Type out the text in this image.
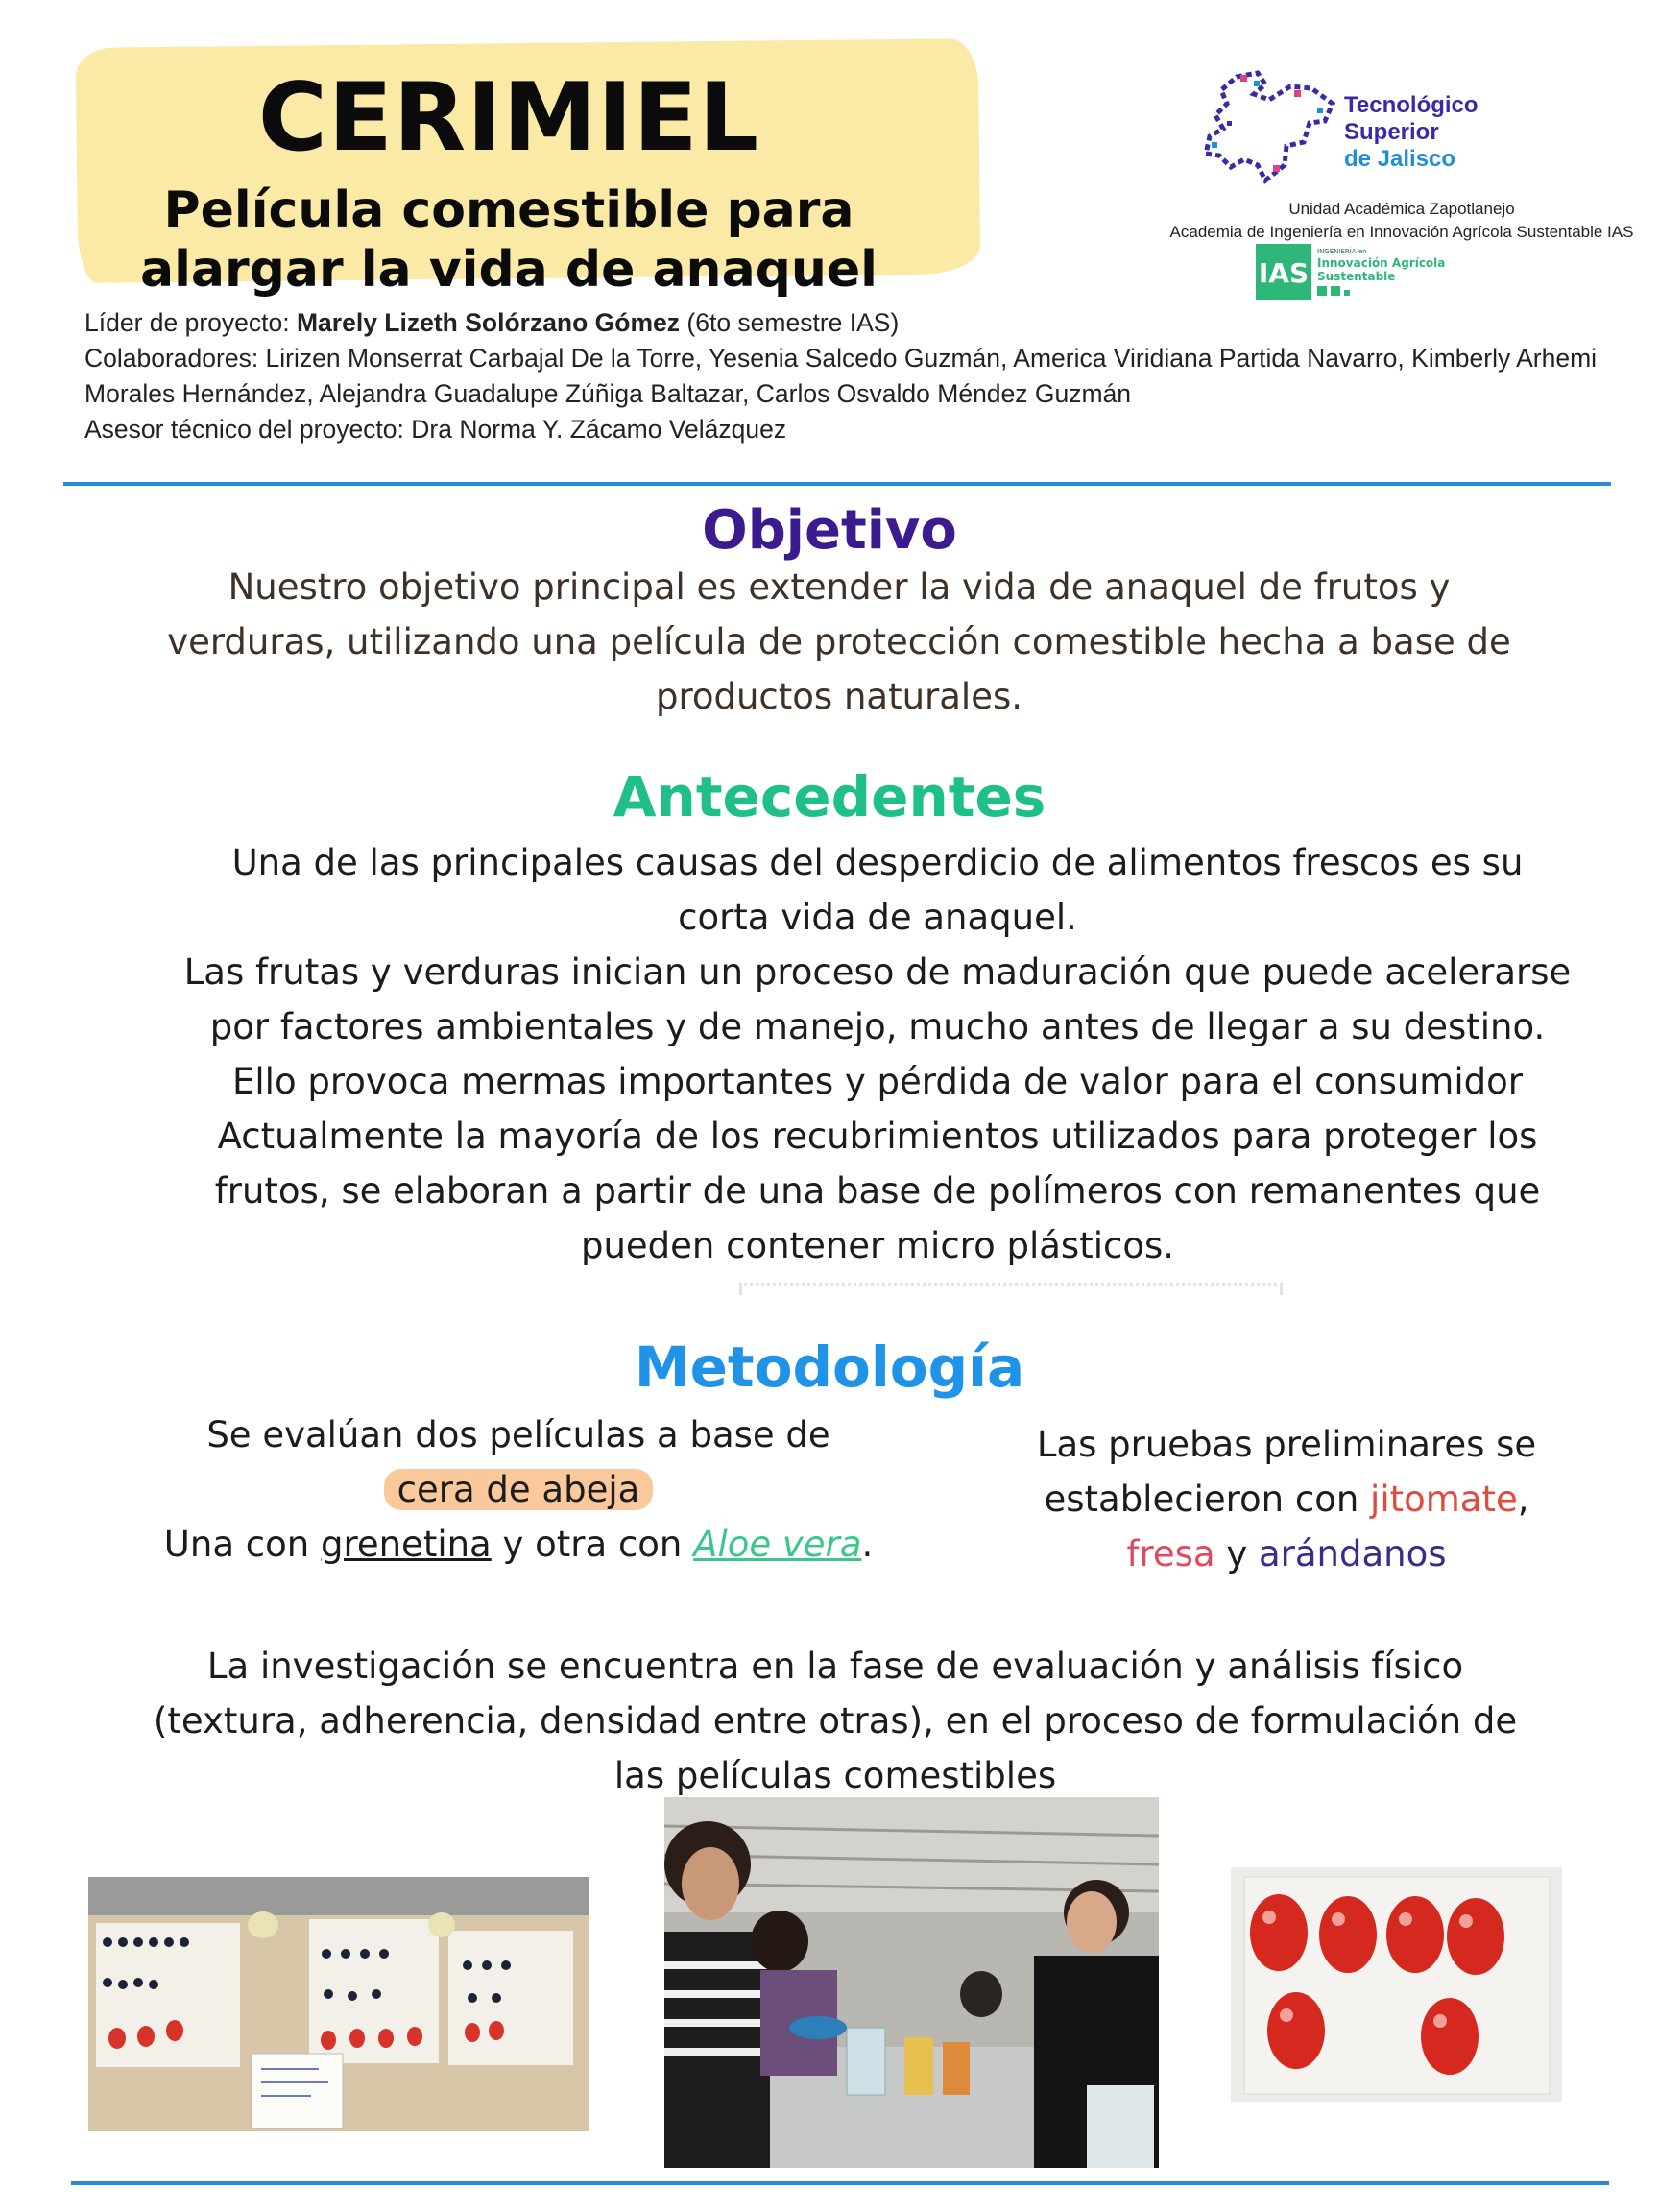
CERIMIEL
Película comestible para alargar la vida de anaquel

Líder de proyecto: Marely Lizeth Solórzano Gómez (6to semestre IAS)

Colaboradores: Lirizen Monserrat Carbajal De la Torre, Yesenia Salcedo Guzmán, America Viridiana Partida Navarro, Kimberly Arhemi

Morales Hernández, Alejandra Guadalupe Zúñiga Baltazar, Carlos Osvaldo Méndez Guzmán

Asesor técnico del proyecto: Dra Norma Y. Zácamo Velázquez

Tecnológico
Superior
de Jalisco

Unidad Académica Zapotlanejo

Academia de Ingeniería en Innovación Agrícola Sustentable IAS

IAS
INGENIERÍA en
Innovación Agrícola
Sustentable
Objetivo

Nuestro objetivo principal es extender la vida de anaquel de frutos y

verduras, utilizando una película de protección comestible hecha a base de

productos naturales.

Antecedentes

Una de las principales causas del desperdicio de alimentos frescos es su

corta vida de anaquel.

Las frutas y verduras inician un proceso de maduración que puede acelerarse

por factores ambientales y de manejo, mucho antes de llegar a su destino.

Ello provoca mermas importantes y pérdida de valor para el consumidor

Actualmente la mayoría de los recubrimientos utilizados para proteger los

frutos, se elaboran a partir de una base de polímeros con remanentes que

pueden contener micro plásticos.

Metodología

Se evalúan dos películas a base de

cera de abeja

Una con grenetina y otra con Aloe vera.

Las pruebas preliminares se

establecieron con jitomate,

fresa y arándanos

La investigación se encuentra en la fase de evaluación y análisis físico

(textura, adherencia, densidad entre otras), en el proceso de formulación de

las películas comestibles
